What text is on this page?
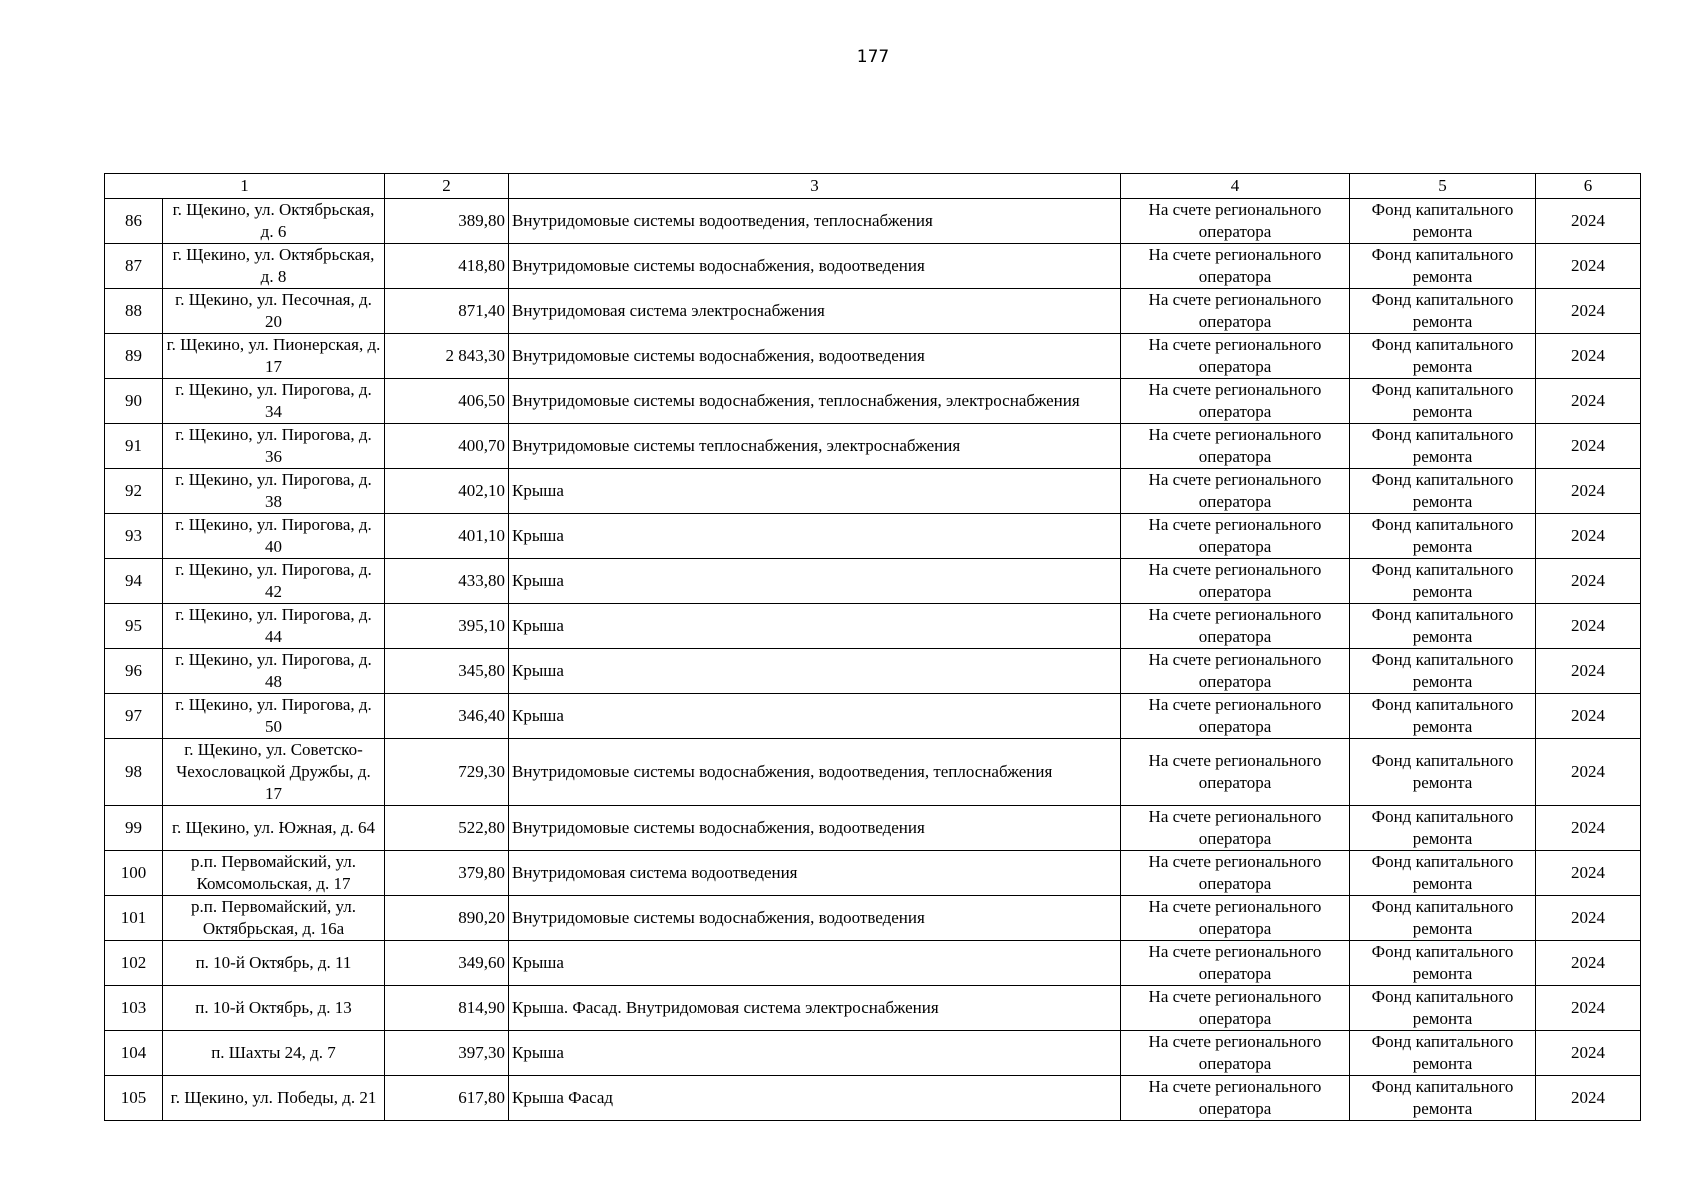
177
1		2	3	4	5	6
86	г. Щекино, ул. Октябрьская, д. 6	389,80	Внутридомовые системы водоотведения, теплоснабжения	На счете регионального оператора	Фонд капитального ремонта	2024
87	г. Щекино, ул. Октябрьская, д. 8	418,80	Внутридомовые системы водоснабжения, водоотведения	На счете регионального оператора	Фонд капитального ремонта	2024
88	г. Щекино, ул. Песочная, д. 20	871,40	Внутридомовая система электроснабжения	На счете регионального оператора	Фонд капитального ремонта	2024
89	г. Щекино, ул. Пионерская, д. 17	2 843,30	Внутридомовые системы водоснабжения, водоотведения	На счете регионального оператора	Фонд капитального ремонта	2024
90	г. Щекино, ул. Пирогова, д. 34	406,50	Внутридомовые системы водоснабжения, теплоснабжения, электроснабжения	На счете регионального оператора	Фонд капитального ремонта	2024
91	г. Щекино, ул. Пирогова, д. 36	400,70	Внутридомовые системы теплоснабжения, электроснабжения	На счете регионального оператора	Фонд капитального ремонта	2024
92	г. Щекино, ул. Пирогова, д. 38	402,10	Крыша	На счете регионального оператора	Фонд капитального ремонта	2024
93	г. Щекино, ул. Пирогова, д. 40	401,10	Крыша	На счете регионального оператора	Фонд капитального ремонта	2024
94	г. Щекино, ул. Пирогова, д. 42	433,80	Крыша	На счете регионального оператора	Фонд капитального ремонта	2024
95	г. Щекино, ул. Пирогова, д. 44	395,10	Крыша	На счете регионального оператора	Фонд капитального ремонта	2024
96	г. Щекино, ул. Пирогова, д. 48	345,80	Крыша	На счете регионального оператора	Фонд капитального ремонта	2024
97	г. Щекино, ул. Пирогова, д. 50	346,40	Крыша	На счете регионального оператора	Фонд капитального ремонта	2024
98	г. Щекино, ул. Советско-Чехословацкой Дружбы, д. 17	729,30	Внутридомовые системы водоснабжения, водоотведения, теплоснабжения	На счете регионального оператора	Фонд капитального ремонта	2024
99	г. Щекино, ул. Южная, д. 64	522,80	Внутридомовые системы водоснабжения, водоотведения	На счете регионального оператора	Фонд капитального ремонта	2024
100	р.п. Первомайский, ул. Комсомольская, д. 17	379,80	Внутридомовая система водоотведения	На счете регионального оператора	Фонд капитального ремонта	2024
101	р.п. Первомайский, ул. Октябрьская, д. 16а	890,20	Внутридомовые системы водоснабжения, водоотведения	На счете регионального оператора	Фонд капитального ремонта	2024
102	п. 10-й Октябрь, д. 11	349,60	Крыша	На счете регионального оператора	Фонд капитального ремонта	2024
103	п. 10-й Октябрь, д. 13	814,90	Крыша. Фасад. Внутридомовая система электроснабжения	На счете регионального оператора	Фонд капитального ремонта	2024
104	п. Шахты 24, д. 7	397,30	Крыша	На счете регионального оператора	Фонд капитального ремонта	2024
105	г. Щекино, ул. Победы, д. 21	617,80	Крыша Фасад	На счете регионального оператора	Фонд капитального ремонта	2024
